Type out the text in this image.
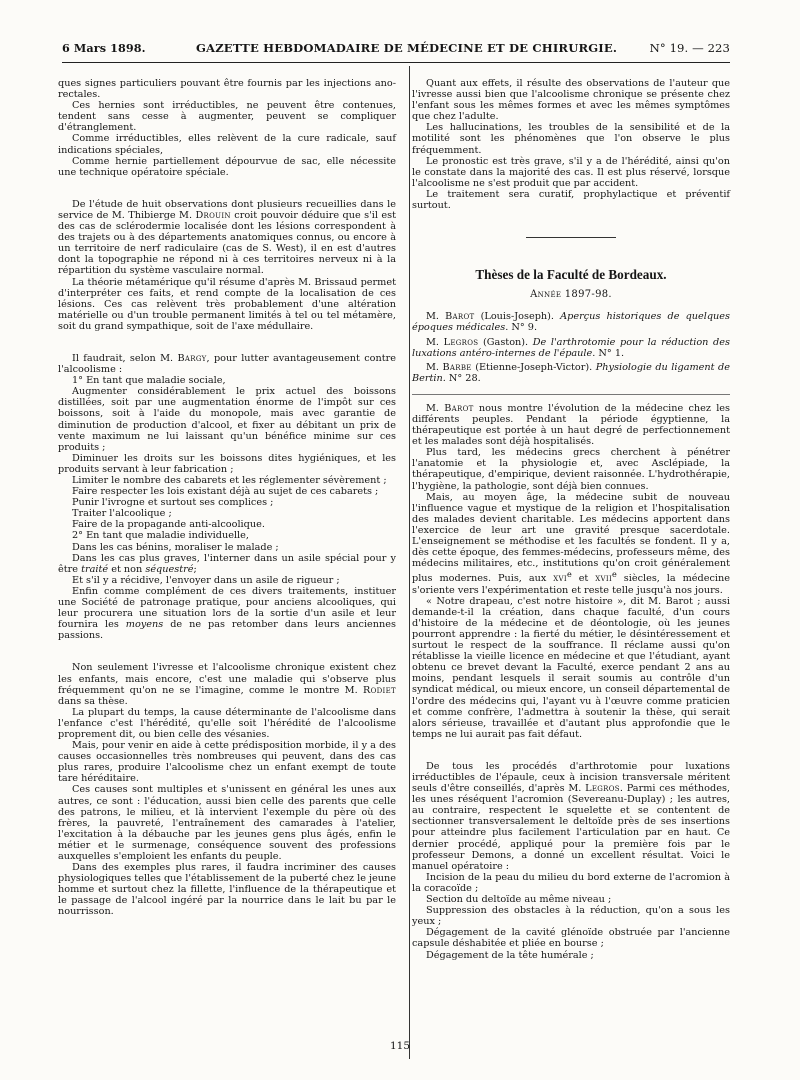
6 Mars 1898.	GAZETTE HEBDOMADAIRE DE MÉDECINE ET DE CHIRURGIE.	N° 19. — 223

ques signes particuliers pouvant être fournis par les injections ano-rectales.

Ces hernies sont irréductibles, ne peuvent être contenues, tendent sans cesse à augmenter, peuvent se compliquer d'étranglement.

Comme irréductibles, elles relèvent de la cure radicale, sauf indications spéciales,

Comme hernie partiellement dépourvue de sac, elle nécessite une technique opératoire spéciale.

De l'étude de huit observations dont plusieurs recueillies dans le service de M. Thibierge M. Drouin croit pouvoir déduire que s'il est des cas de sclérodermie localisée dont les lésions correspondent à des trajets ou à des départements anatomiques connus, ou encore à un territoire de nerf radiculaire (cas de S. West), il en est d'autres dont la topographie ne répond ni à ces territoires nerveux ni à la répartition du système vasculaire normal.

La théorie métamérique qu'il résume d'après M. Brissaud permet d'interpréter ces faits, et rend compte de la localisation de ces lésions. Ces cas relèvent très probablement d'une altération matérielle ou d'un trouble permanent limités à tel ou tel métamère, soit du grand sympathique, soit de l'axe médullaire.

Il faudrait, selon M. Bargy, pour lutter avantageusement contre l'alcoolisme :

1° En tant que maladie sociale,

Augmenter considérablement le prix actuel des boissons distillées, soit par une augmentation énorme de l'impôt sur ces boissons, soit à l'aide du monopole, mais avec garantie de diminution de production d'alcool, et fixer au débitant un prix de vente maximum ne lui laissant qu'un bénéfice minime sur ces produits ;

Diminuer les droits sur les boissons dites hygiéniques, et les produits servant à leur fabrication ;

Limiter le nombre des cabarets et les réglementer sévèrement ;

Faire respecter les lois existant déjà au sujet de ces cabarets ;

Punir l'ivrogne et surtout ses complices ;

Traiter l'alcoolique ;

Faire de la propagande anti-alcoolique.

2° En tant que maladie individuelle,

Dans les cas bénins, moraliser le malade ;

Dans les cas plus graves, l'interner dans un asile spécial pour y être traité et non séquestré;

Et s'il y a récidive, l'envoyer dans un asile de rigueur ;

Enfin comme complément de ces divers traitements, instituer une Société de patronage pratique, pour anciens alcooliques, qui leur procurera une situation lors de la sortie d'un asile et leur fournira les moyens de ne pas retomber dans leurs anciennes passions.

Non seulement l'ivresse et l'alcoolisme chronique existent chez les enfants, mais encore, c'est une maladie qui s'observe plus fréquemment qu'on ne se l'imagine, comme le montre M. Rodiet dans sa thèse.

La plupart du temps, la cause déterminante de l'alcoolisme dans l'enfance c'est l'hérédité, qu'elle soit l'hérédité de l'alcoolisme proprement dit, ou bien celle des vésanies.

Mais, pour venir en aide à cette prédisposition morbide, il y a des causes occasionnelles très nombreuses qui peuvent, dans des cas plus rares, produire l'alcoolisme chez un enfant exempt de toute tare héréditaire.

Ces causes sont multiples et s'unissent en général les unes aux autres, ce sont : l'éducation, aussi bien celle des parents que celle des patrons, le milieu, et là intervient l'exemple du père où des frères, la pauvreté, l'entraînement des camarades à l'atelier, l'excitation à la débauche par les jeunes gens plus âgés, enfin le métier et le surmenage, conséquence souvent des professions auxquelles s'emploient les enfants du peuple.

Dans des exemples plus rares, il faudra incriminer des causes physiologiques telles que l'établissement de la puberté chez le jeune homme et surtout chez la fillette, l'influence de la thérapeutique et le passage de l'alcool ingéré par la nourrice dans le lait bu par le nourrisson.

Quant aux effets, il résulte des observations de l'auteur que l'ivresse aussi bien que l'alcoolisme chronique se présente chez l'enfant sous les mêmes formes et avec les mêmes symptômes que chez l'adulte.

Les hallucinations, les troubles de la sensibilité et de la motilité sont les phénomènes que l'on observe le plus fréquemment.

Le pronostic est très grave, s'il y a de l'hérédité, ainsi qu'on le constate dans la majorité des cas. Il est plus réservé, lorsque l'alcoolisme ne s'est produit que par accident.

Le traitement sera curatif, prophylactique et préventif surtout.

Thèses de la Faculté de Bordeaux.
Année 1897-98.

M. Barot (Louis-Joseph). Aperçus historiques de quelques époques médicales. N° 9.

M. Legros (Gaston). De l'arthrotomie pour la réduction des luxations antéro-internes de l'épaule. N° 1.

M. Barbe (Etienne-Joseph-Victor). Physiologie du ligament de Bertin. N° 28.

M. Barot nous montre l'évolution de la médecine chez les différents peuples. Pendant la période égyptienne, la thérapeutique est portée à un haut degré de perfectionnement et les malades sont déjà hospitalisés.

Plus tard, les médecins grecs cherchent à pénétrer l'anatomie et la physiologie et, avec Asclépiade, la thérapeutique, d'empirique, devient raisonnée. L'hydrothérapie, l'hygiène, la pathologie, sont déjà bien connues.

Mais, au moyen âge, la médecine subit de nouveau l'influence vague et mystique de la religion et l'hospitalisation des malades devient charitable. Les médecins apportent dans l'exercice de leur art une gravité presque sacerdotale. L'enseignement se méthodise et les facultés se fondent. Il y a, dès cette époque, des femmes-médecins, professeurs même, des médecins militaires, etc., institutions qu'on croit généralement plus modernes. Puis, aux xvi$^e$ et xvii$^e$ siècles, la médecine s'oriente vers l'expérimentation et reste telle jusqu'à nos jours.

« Notre drapeau, c'est notre histoire », dit M. Barot ; aussi demande-t-il la création, dans chaque faculté, d'un cours d'histoire de la médecine et de déontologie, où les jeunes pourront apprendre : la fierté du métier, le désintéressement et surtout le respect de la souffrance. Il réclame aussi qu'on rétablisse la vieille licence en médecine et que l'étudiant, ayant obtenu ce brevet devant la Faculté, exerce pendant 2 ans au moins, pendant lesquels il serait soumis au contrôle d'un syndicat médical, ou mieux encore, un conseil départemental de l'ordre des médecins qui, l'ayant vu à l'œuvre comme praticien et comme confrère, l'admettra à soutenir la thèse, qui serait alors sérieuse, travaillée et d'autant plus approfondie que le temps ne lui aurait pas fait défaut.

De tous les procédés d'arthrotomie pour luxations irréductibles de l'épaule, ceux à incision transversale méritent seuls d'être conseillés, d'après M. Legros. Parmi ces méthodes, les unes réséquent l'acromion (Severeanu-Duplay) ; les autres, au contraire, respectent le squelette et se contentent de sectionner transversalement le deltoïde près de ses insertions pour atteindre plus facilement l'articulation par en haut. Ce dernier procédé, appliqué pour la première fois par le professeur Demons, a donné un excellent résultat. Voici le manuel opératoire :

Incision de la peau du milieu du bord externe de l'acromion à la coracoïde ;

Section du deltoïde au même niveau ;

Suppression des obstacles à la réduction, qu'on a sous les yeux ;

Dégagement de la cavité glénoïde obstruée par l'ancienne capsule déshabitée et pliée en bourse ;

Dégagement de la tête humérale ;

115
